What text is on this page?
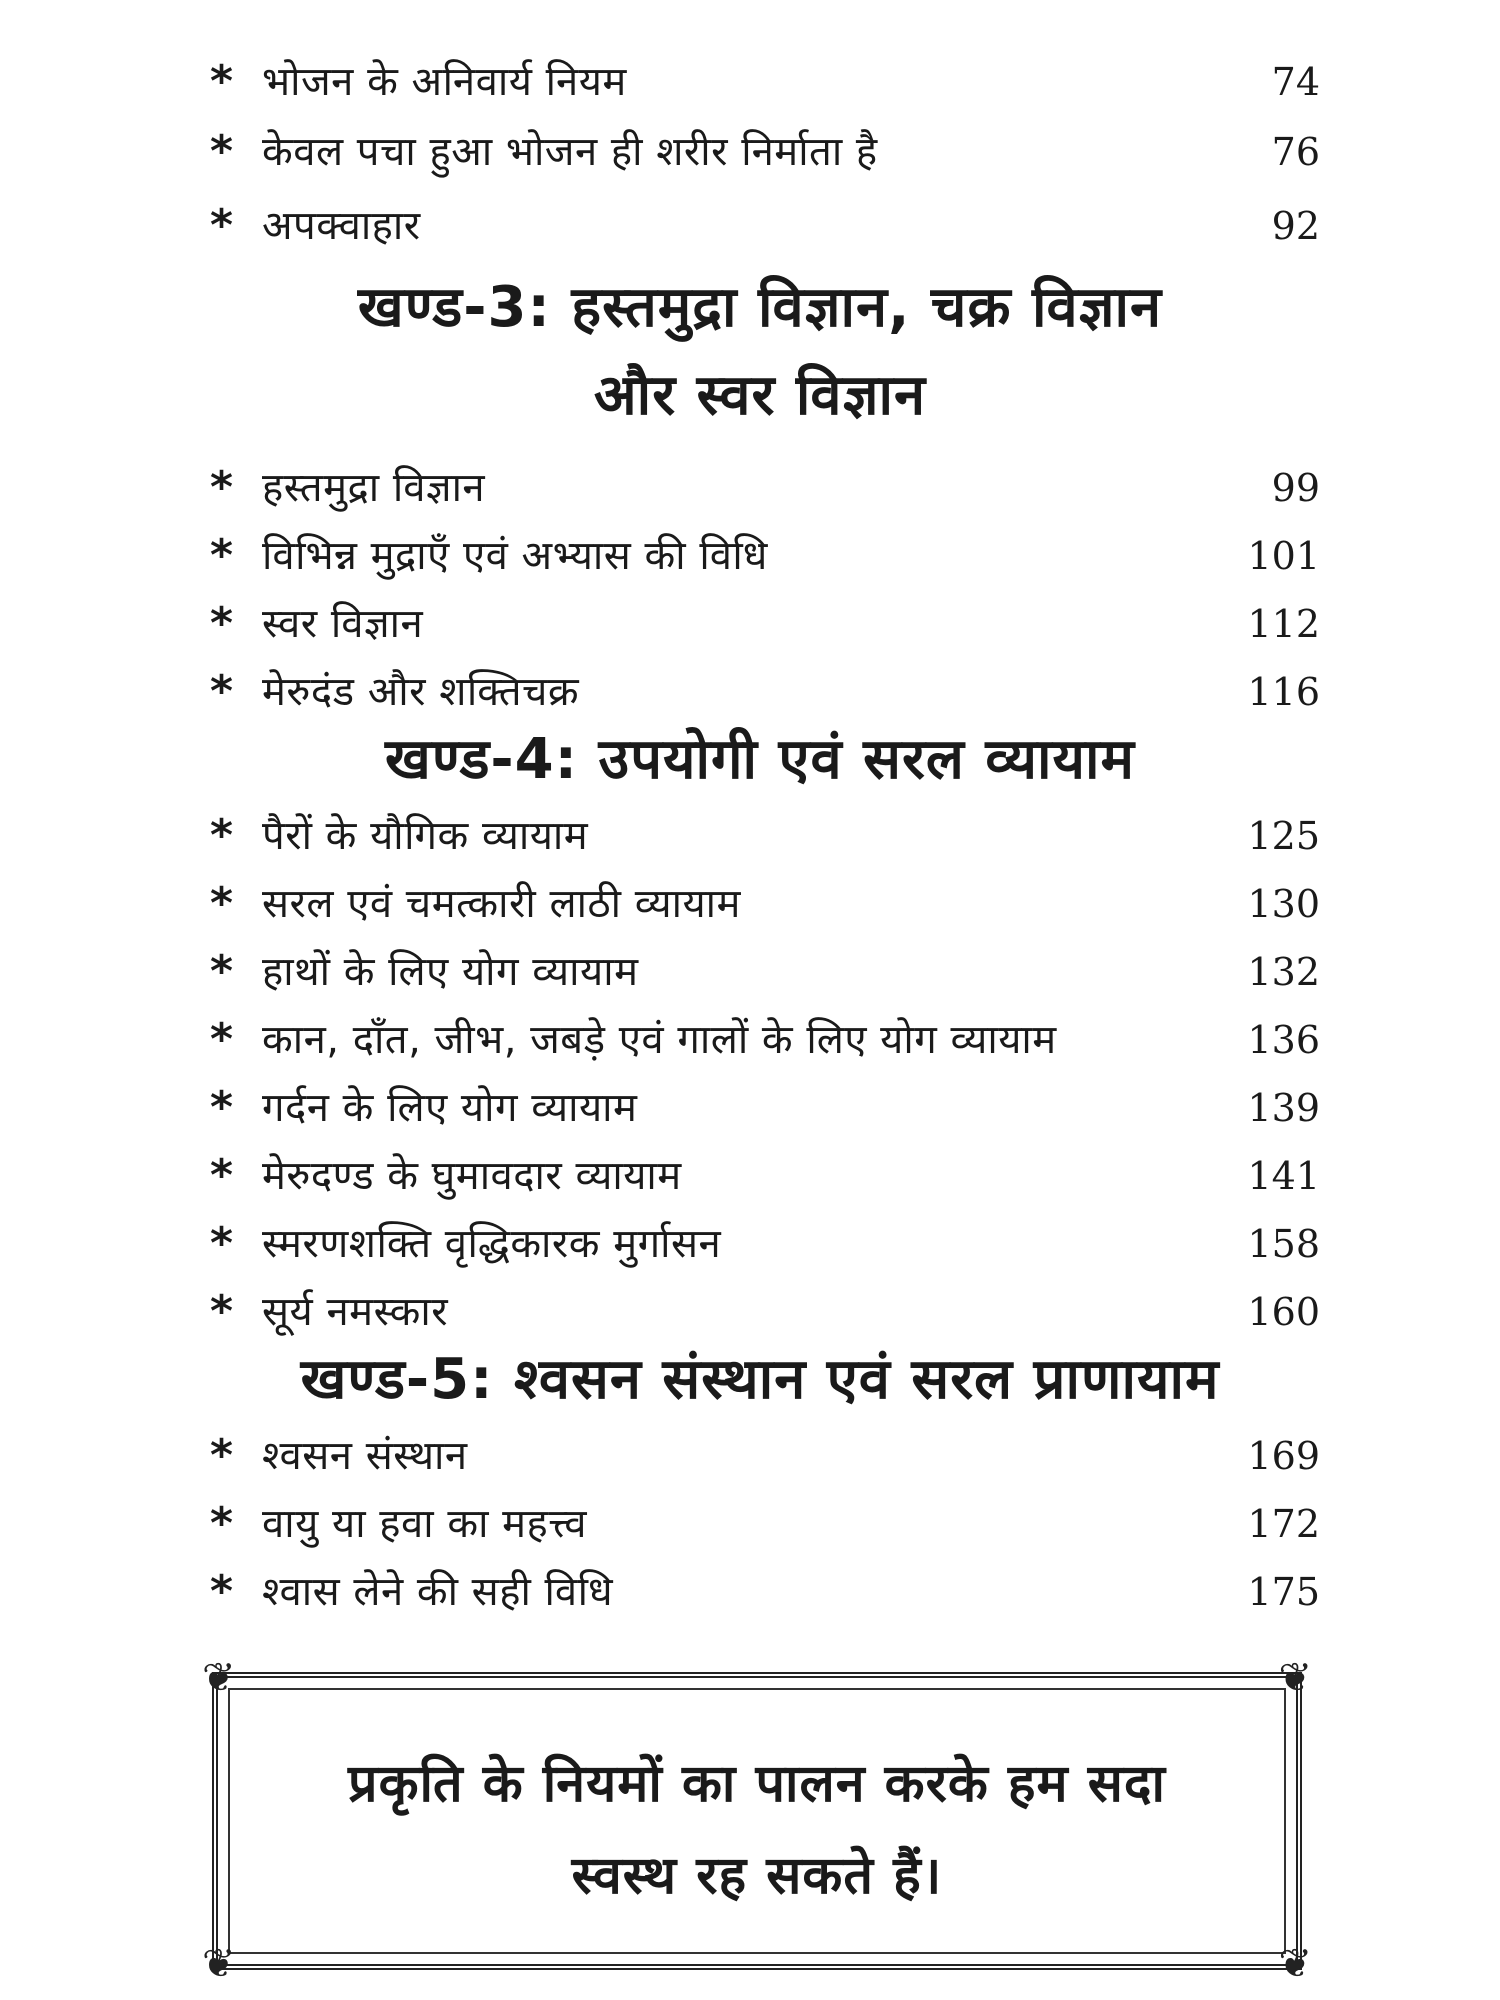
* भोजन के अनिवार्य नियम	74
* केवल पचा हुआ भोजन ही शरीर निर्माता है	76
* अपक्वाहार	92
खण्ड-3: हस्तमुद्रा विज्ञान, चक्र विज्ञान
और स्वर विज्ञान
* हस्तमुद्रा विज्ञान	99
* विभिन्न मुद्राएँ एवं अभ्यास की विधि	101
* स्वर विज्ञान	112
* मेरुदंड और शक्तिचक्र	116
खण्ड-4: उपयोगी एवं सरल व्यायाम
* पैरों के यौगिक व्यायाम	125
* सरल एवं चमत्कारी लाठी व्यायाम	130
* हाथों के लिए योग व्यायाम	132
* कान, दाँत, जीभ, जबड़े एवं गालों के लिए योग व्यायाम	136
* गर्दन के लिए योग व्यायाम	139
* मेरुदण्ड के घुमावदार व्यायाम	141
* स्मरणशक्ति वृद्धिकारक मुर्गासन	158
* सूर्य नमस्कार	160
खण्ड-5: श्वसन संस्थान एवं सरल प्राणायाम
* श्वसन संस्थान	169
* वायु या हवा का महत्त्व	172
* श्वास लेने की सही विधि	175
❦	❦
❦	❦
प्रकृति के नियमों का पालन करके हम सदा
स्वस्थ रह सकते हैं।
